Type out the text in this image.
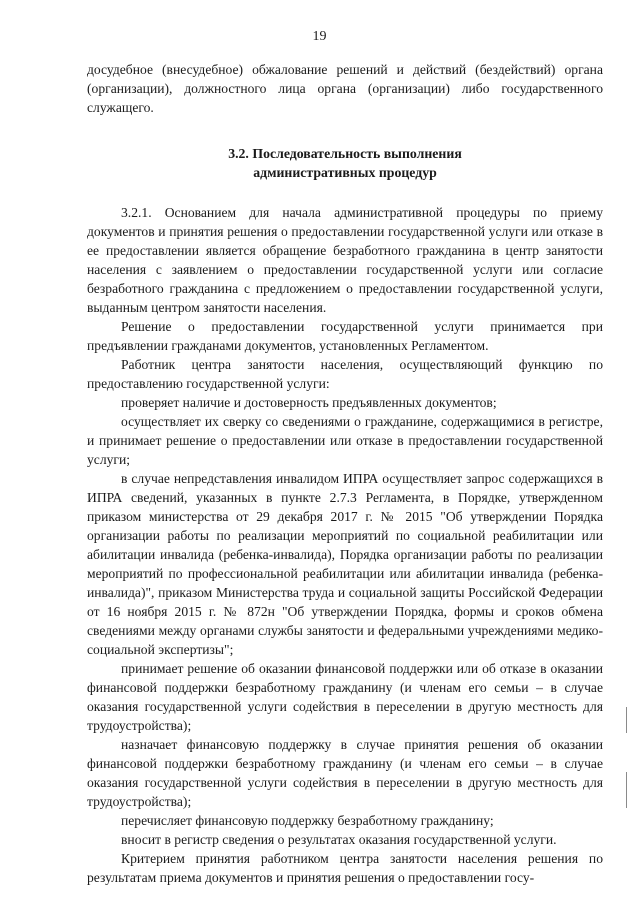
19

досудебное (внесудебное) обжалование решений и действий (бездействий) органа (организации), должностного лица органа (организации) либо государственного служащего.

3.2. Последовательность выполнения
административных процедур

3.2.1. Основанием для начала административной процедуры по приему документов и принятия решения о предоставлении государственной услуги или отказе в ее предоставлении является обращение безработного гражданина в центр занятости населения с заявлением о предоставлении государственной услуги или согласие безработного гражданина с предложением о предоставлении государственной услуги, выданным центром занятости населения.

Решение о предоставлении государственной услуги принимается при предъявлении гражданами документов, установленных Регламентом.

Работник центра занятости населения, осуществляющий функцию по предоставлению государственной услуги:

проверяет наличие и достоверность предъявленных документов;

осуществляет их сверку со сведениями о гражданине, содержащимися в регистре, и принимает решение о предоставлении или отказе в предоставлении государственной услуги;

в случае непредставления инвалидом ИПРА осуществляет запрос содержащихся в ИПРА сведений, указанных в пункте 2.7.3 Регламента, в Порядке, утвержденном приказом министерства от 29 декабря 2017 г. № 2015 "Об утверждении Порядка организации работы по реализации мероприятий по социальной реабилитации или абилитации инвалида (ребенка-инвалида), Порядка организации работы по реализации мероприятий по профессиональной реабилитации или абилитации инвалида (ребенка-инвалида)", приказом Министерства труда и социальной защиты Российской Федерации от 16 ноября 2015 г. № 872н "Об утверждении Порядка, формы и сроков обмена сведениями между органами службы занятости и федеральными учреждениями медико-социальной экспертизы";

принимает решение об оказании финансовой поддержки или об отказе в оказании финансовой поддержки безработному гражданину (и членам его семьи – в случае оказания государственной услуги содействия в переселении в другую местность для трудоустройства);

назначает финансовую поддержку в случае принятия решения об оказании финансовой поддержки безработному гражданину (и членам его семьи – в случае оказания государственной услуги содействия в переселении в другую местность для трудоустройства);

перечисляет финансовую поддержку безработному гражданину;

вносит в регистр сведения о результатах оказания государственной услуги.

Критерием принятия работником центра занятости населения решения по результатам приема документов и принятия решения о предоставлении госу-
